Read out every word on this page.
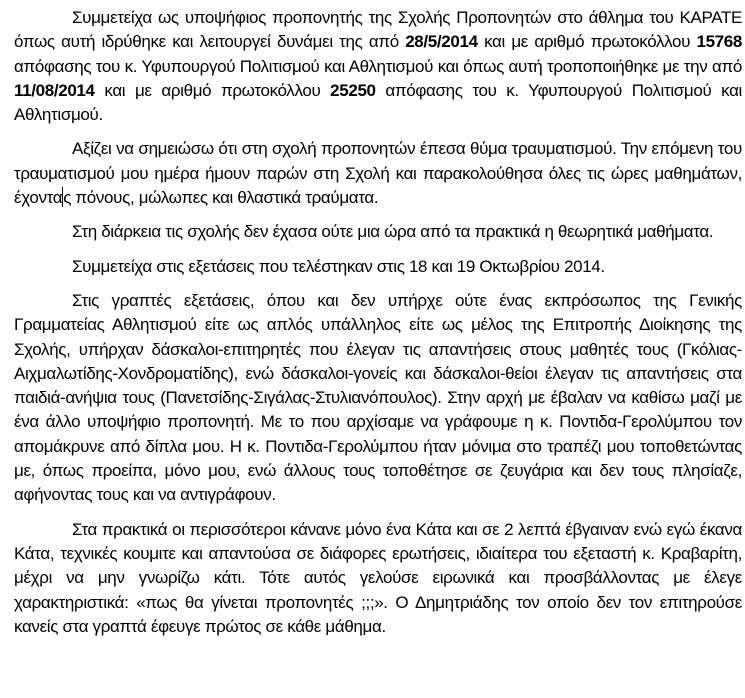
Συμμετείχα ως υποψήφιος προπονητής της Σχολής Προπονητών στο άθλημα του ΚΑΡΑΤΕ όπως αυτή ιδρύθηκε και λειτουργεί δυνάμει της από 28/5/2014 και με αριθμό πρωτοκόλλου 15768 απόφασης του κ. Υφυπουργού Πολιτισμού και Αθλητισμού και όπως αυτή τροποποιήθηκε με την από 11/08/2014 και με αριθμό πρωτοκόλλου 25250 απόφασης του κ. Υφυπουργού Πολιτισμού και Αθλητισμού.

Αξίζει να σημειώσω ότι στη σχολή προπονητών έπεσα θύμα τραυματισμού. Την επόμενη του τραυματισμού μου ημέρα ήμουν παρών στη Σχολή και παρακολούθησα όλες τις ώρες μαθημάτων, έχοντας πόνους, μώλωπες και θλαστικά τραύματα.

Στη διάρκεια τις σχολής δεν έχασα ούτε μια ώρα από τα πρακτικά η θεωρητικά μαθήματα.

Συμμετείχα στις εξετάσεις που τελέστηκαν στις 18 και 19 Οκτωβρίου 2014.

Στις γραπτές εξετάσεις, όπου και δεν υπήρχε ούτε ένας εκπρόσωπος της Γενικής Γραμματείας Αθλητισμού είτε ως απλός υπάλληλος είτε ως μέλος της Επιτροπής Διοίκησης της Σχολής, υπήρχαν δάσκαλοι-επιτηρητές που έλεγαν τις απαντήσεις στους μαθητές τους (Γκόλιας-Αιχμαλωτίδης-Χονδροματίδης), ενώ δάσκαλοι-γονείς και δάσκαλοι-θείοι έλεγαν τις απαντήσεις στα παιδιά-ανήψια τους (Πανετσίδης-Σιγάλας-Στυλιανόπουλος). Στην αρχή με έβαλαν να καθίσω μαζί με ένα άλλο υποψήφιο προπονητή. Με το που αρχίσαμε να γράφουμε η κ. Ποντιδα-Γερολύμπου τον απομάκρυνε από δίπλα μου. Η κ. Ποντιδα-Γερολύμπου ήταν μόνιμα στο τραπέζι μου τοποθετώντας με, όπως προείπα, μόνο μου, ενώ άλλους τους τοποθέτησε σε ζευγάρια και δεν τους πλησίαζε, αφήνοντας τους και να αντιγράφουν.

Στα πρακτικά οι περισσότεροι κάνανε μόνο ένα Κάτα και σε 2 λεπτά έβγαιναν ενώ εγώ έκανα Κάτα, τεχνικές κουμιτε και απαντούσα σε διάφορες ερωτήσεις, ιδιαίτερα του εξεταστή κ. Κραβαρίτη, μέχρι να μην γνωρίζω κάτι. Τότε αυτός γελούσε ειρωνικά και προσβάλλοντας με έλεγε χαρακτηριστικά: «πως θα γίνεται προπονητές ;;;». Ο Δημητριάδης τον οποίο δεν τον επιτηρούσε κανείς στα γραπτά έφευγε πρώτος σε κάθε μάθημα.
